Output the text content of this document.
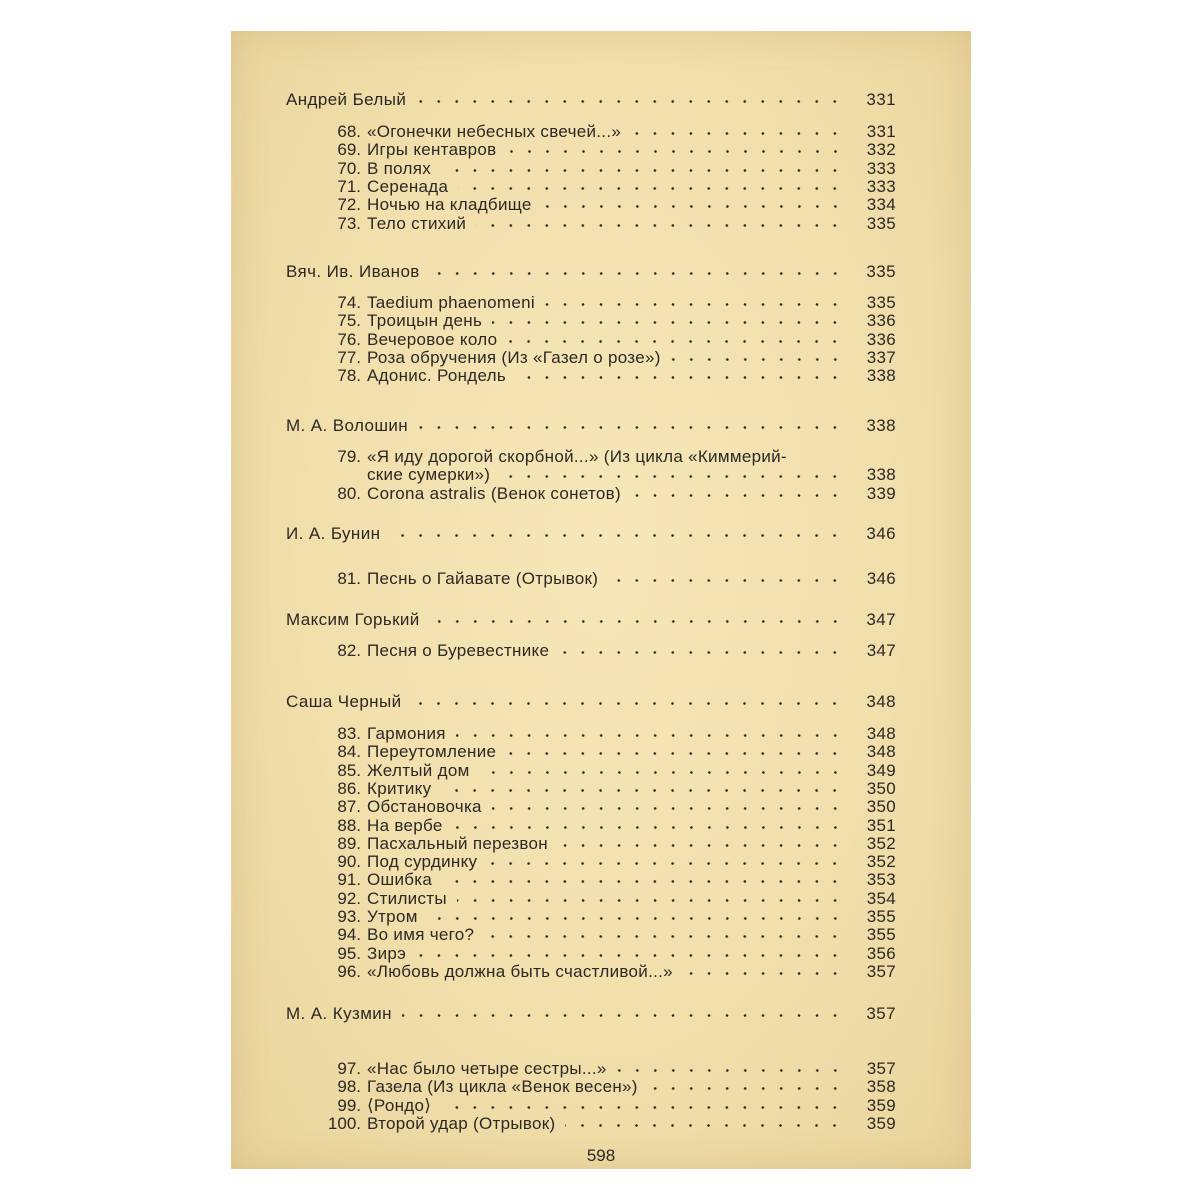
Андрей Белый	331
68. «Огонечки небесных свечей...»	331
69. Игры кентавров	332
70. В полях	333
71. Серенада	333
72. Ночью на кладбище	334
73. Тело стихий	335
Вяч. Ив. Иванов	335
74. Taedium phaenomeni	335
75. Троицын день	336
76. Вечеровое коло	336
77. Роза обручения (Из «Газел о розе»)	337
78. Адонис. Рондель	338
М. А. Волошин	338
79. «Я иду дорогой скорбной...» (Из цикла «Киммерий-
ские сумерки»)	338
80. Corona astralis (Венок сонетов)	339
И. А. Бунин	346
81. Песнь о Гайавате (Отрывок)	346
Максим Горький	347
82. Песня о Буревестнике	347
Саша Черный	348
83. Гармония	348
84. Переутомление	348
85. Желтый дом	349
86. Критику	350
87. Обстановочка	350
88. На вербе	351
89. Пасхальный перезвон	352
90. Под сурдинку	352
91. Ошибка	353
92. Стилисты	354
93. Утром	355
94. Во имя чего?	355
95. Зирэ	356
96. «Любовь должна быть счастливой...»	357
М. А. Кузмин	357
97. «Нас было четыре сестры...»	357
98. Газела (Из цикла «Венок весен»)	358
99. ⟨Рондо⟩	359
100. Второй удар (Отрывок)	359
598
